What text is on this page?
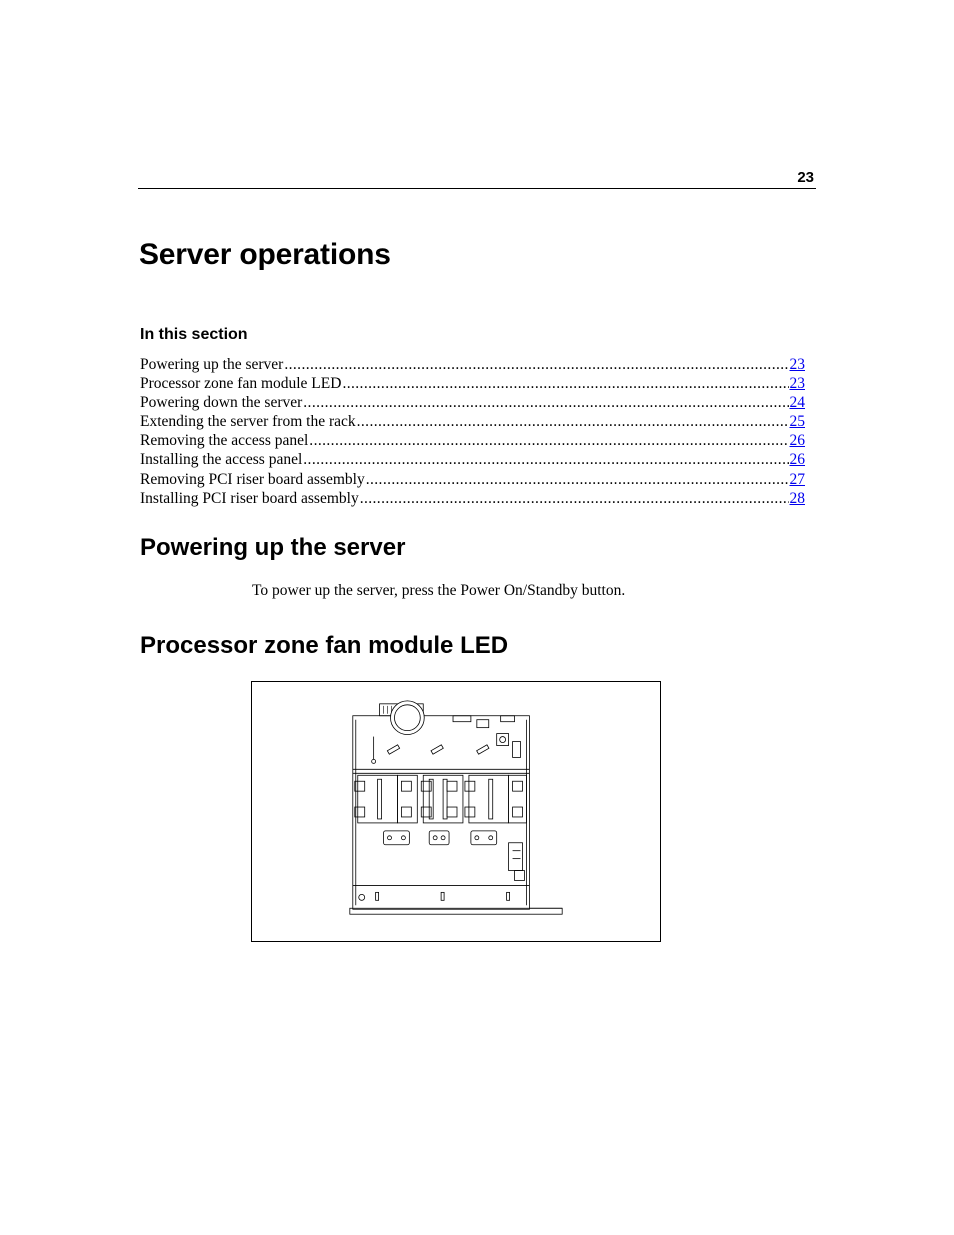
23
Server operations
In this section
Powering up the server .....	23
Processor zone fan module LED .....	23
Powering down the server .....	24
Extending the server from the rack .....	25
Removing the access panel .....	26
Installing the access panel .....	26
Removing PCI riser board assembly .....	27
Installing PCI riser board assembly .....	28
Powering up the server

To power up the server, press the Power On/Standby button.

Processor zone fan module LED
